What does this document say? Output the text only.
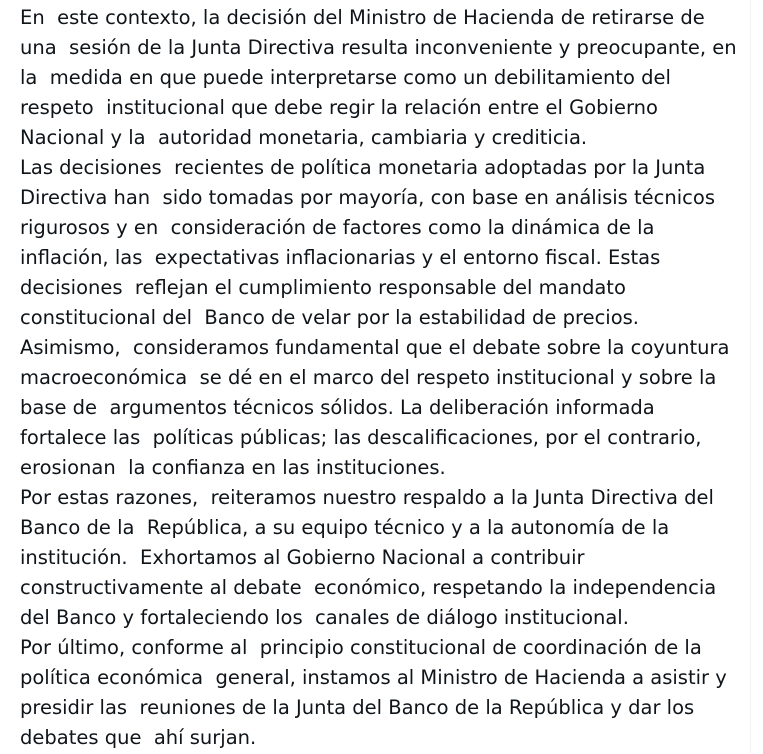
En  este contexto, la decisión del Ministro de Hacienda de retirarse de
una  sesión de la Junta Directiva resulta inconveniente y preocupante, en
la  medida en que puede interpretarse como un debilitamiento del
respeto  institucional que debe regir la relación entre el Gobierno
Nacional y la  autoridad monetaria, cambiaria y crediticia.
Las decisiones  recientes de política monetaria adoptadas por la Junta
Directiva han  sido tomadas por mayoría, con base en análisis técnicos
rigurosos y en  consideración de factores como la dinámica de la
inflación, las  expectativas inflacionarias y el entorno fiscal. Estas
decisiones  reflejan el cumplimiento responsable del mandato
constitucional del  Banco de velar por la estabilidad de precios.
Asimismo,  consideramos fundamental que el debate sobre la coyuntura
macroeconómica  se dé en el marco del respeto institucional y sobre la
base de  argumentos técnicos sólidos. La deliberación informada
fortalece las  políticas públicas; las descalificaciones, por el contrario,
erosionan  la confianza en las instituciones.
Por estas razones,  reiteramos nuestro respaldo a la Junta Directiva del
Banco de la  República, a su equipo técnico y a la autonomía de la
institución.  Exhortamos al Gobierno Nacional a contribuir
constructivamente al debate  económico, respetando la independencia
del Banco y fortaleciendo los  canales de diálogo institucional.
Por último, conforme al  principio constitucional de coordinación de la
política económica  general, instamos al Ministro de Hacienda a asistir y
presidir las  reuniones de la Junta del Banco de la República y dar los
debates que  ahí surjan.
